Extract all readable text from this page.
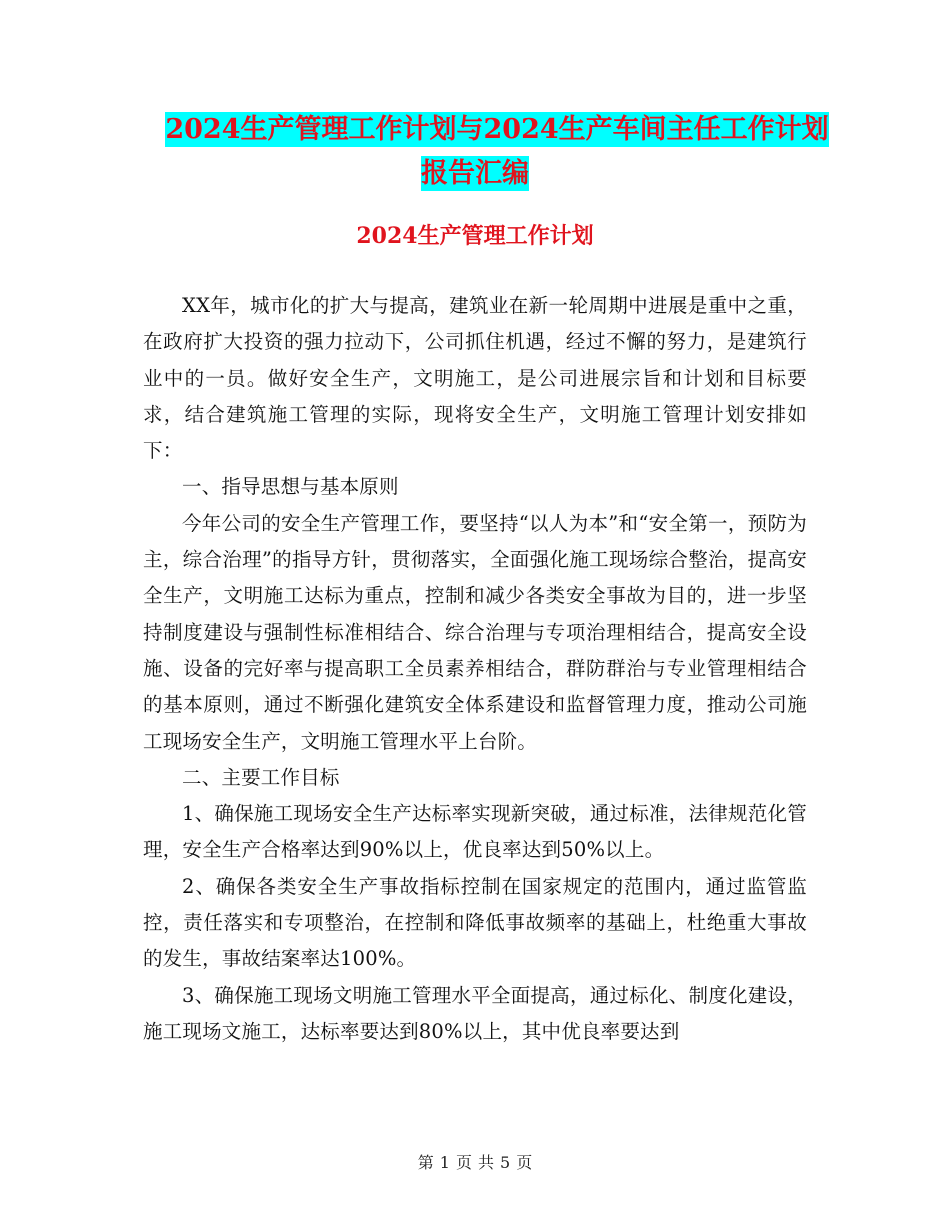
2024生产管理工作计划与2024生产车间主任工作计划
报告汇编
2024生产管理工作计划

XX年，城市化的扩大与提高，建筑业在新一轮周期中进展是重中之重，在政府扩大投资的强力拉动下，公司抓住机遇，经过不懈的努力，是建筑行业中的一员。做好安全生产，文明施工，是公司进展宗旨和计划和目标要求，结合建筑施工管理的实际，现将安全生产，文明施工管理计划安排如下：

一、指导思想与基本原则

今年公司的安全生产管理工作，要坚持“以人为本”和“安全第一，预防为主，综合治理”的指导方针，贯彻落实，全面强化施工现场综合整治，提高安全生产，文明施工达标为重点，控制和减少各类安全事故为目的，进一步坚持制度建设与强制性标准相结合、综合治理与专项治理相结合，提高安全设施、设备的完好率与提高职工全员素养相结合，群防群治与专业管理相结合的基本原则，通过不断强化建筑安全体系建设和监督管理力度，推动公司施工现场安全生产，文明施工管理水平上台阶。

二、主要工作目标

1、确保施工现场安全生产达标率实现新突破，通过标准，法律规范化管理，安全生产合格率达到90%以上，优良率达到50%以上。

2、确保各类安全生产事故指标控制在国家规定的范围内，通过监管监控，责任落实和专项整治，在控制和降低事故频率的基础上，杜绝重大事故的发生，事故结案率达100%。

3、确保施工现场文明施工管理水平全面提高，通过标化、制度化建设，施工现场文施工，达标率要达到80%以上，其中优良率要达到

第 1 页 共 5 页
